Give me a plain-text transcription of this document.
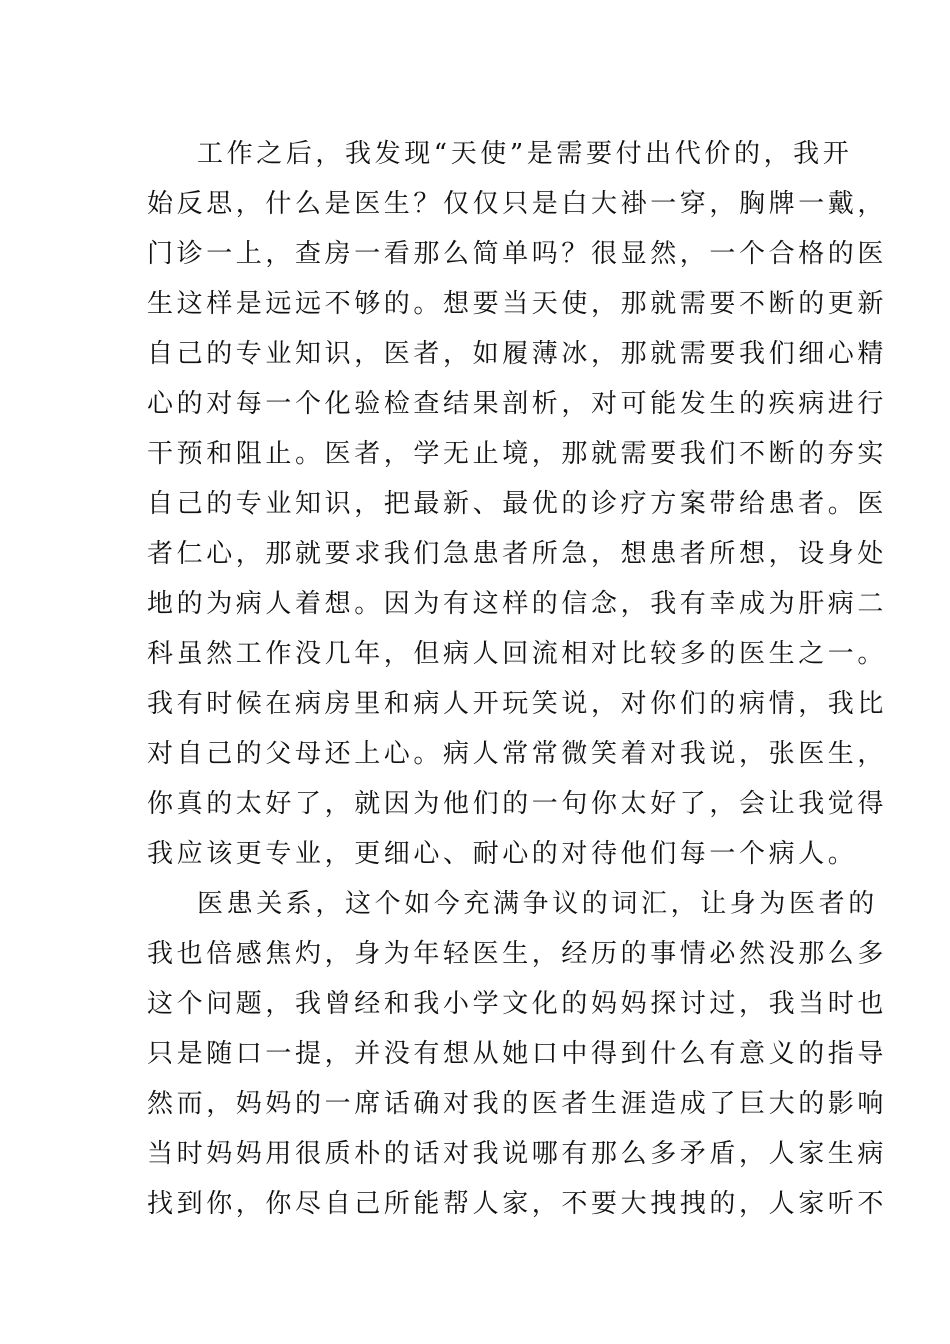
工作之后，我发现“天使”是需要付出代价的，我开
始反思，什么是医生？仅仅只是白大褂一穿，胸牌一戴，
门诊一上，查房一看那么简单吗？很显然，一个合格的医
生这样是远远不够的。想要当天使，那就需要不断的更新
自己的专业知识，医者，如履薄冰，那就需要我们细心精
心的对每一个化验检查结果剖析，对可能发生的疾病进行
干预和阻止。医者，学无止境，那就需要我们不断的夯实
自己的专业知识，把最新、最优的诊疗方案带给患者。医
者仁心，那就要求我们急患者所急，想患者所想，设身处
地的为病人着想。因为有这样的信念，我有幸成为肝病二
科虽然工作没几年，但病人回流相对比较多的医生之一。
我有时候在病房里和病人开玩笑说，对你们的病情，我比
对自己的父母还上心。病人常常微笑着对我说，张医生，
你真的太好了，就因为他们的一句你太好了，会让我觉得
我应该更专业，更细心、耐心的对待他们每一个病人。
医患关系，这个如今充满争议的词汇，让身为医者的
我也倍感焦灼，身为年轻医生，经历的事情必然没那么多
这个问题，我曾经和我小学文化的妈妈探讨过，我当时也
只是随口一提，并没有想从她口中得到什么有意义的指导
然而，妈妈的一席话确对我的医者生涯造成了巨大的影响
当时妈妈用很质朴的话对我说哪有那么多矛盾，人家生病
找到你，你尽自己所能帮人家，不要大拽拽的，人家听不
